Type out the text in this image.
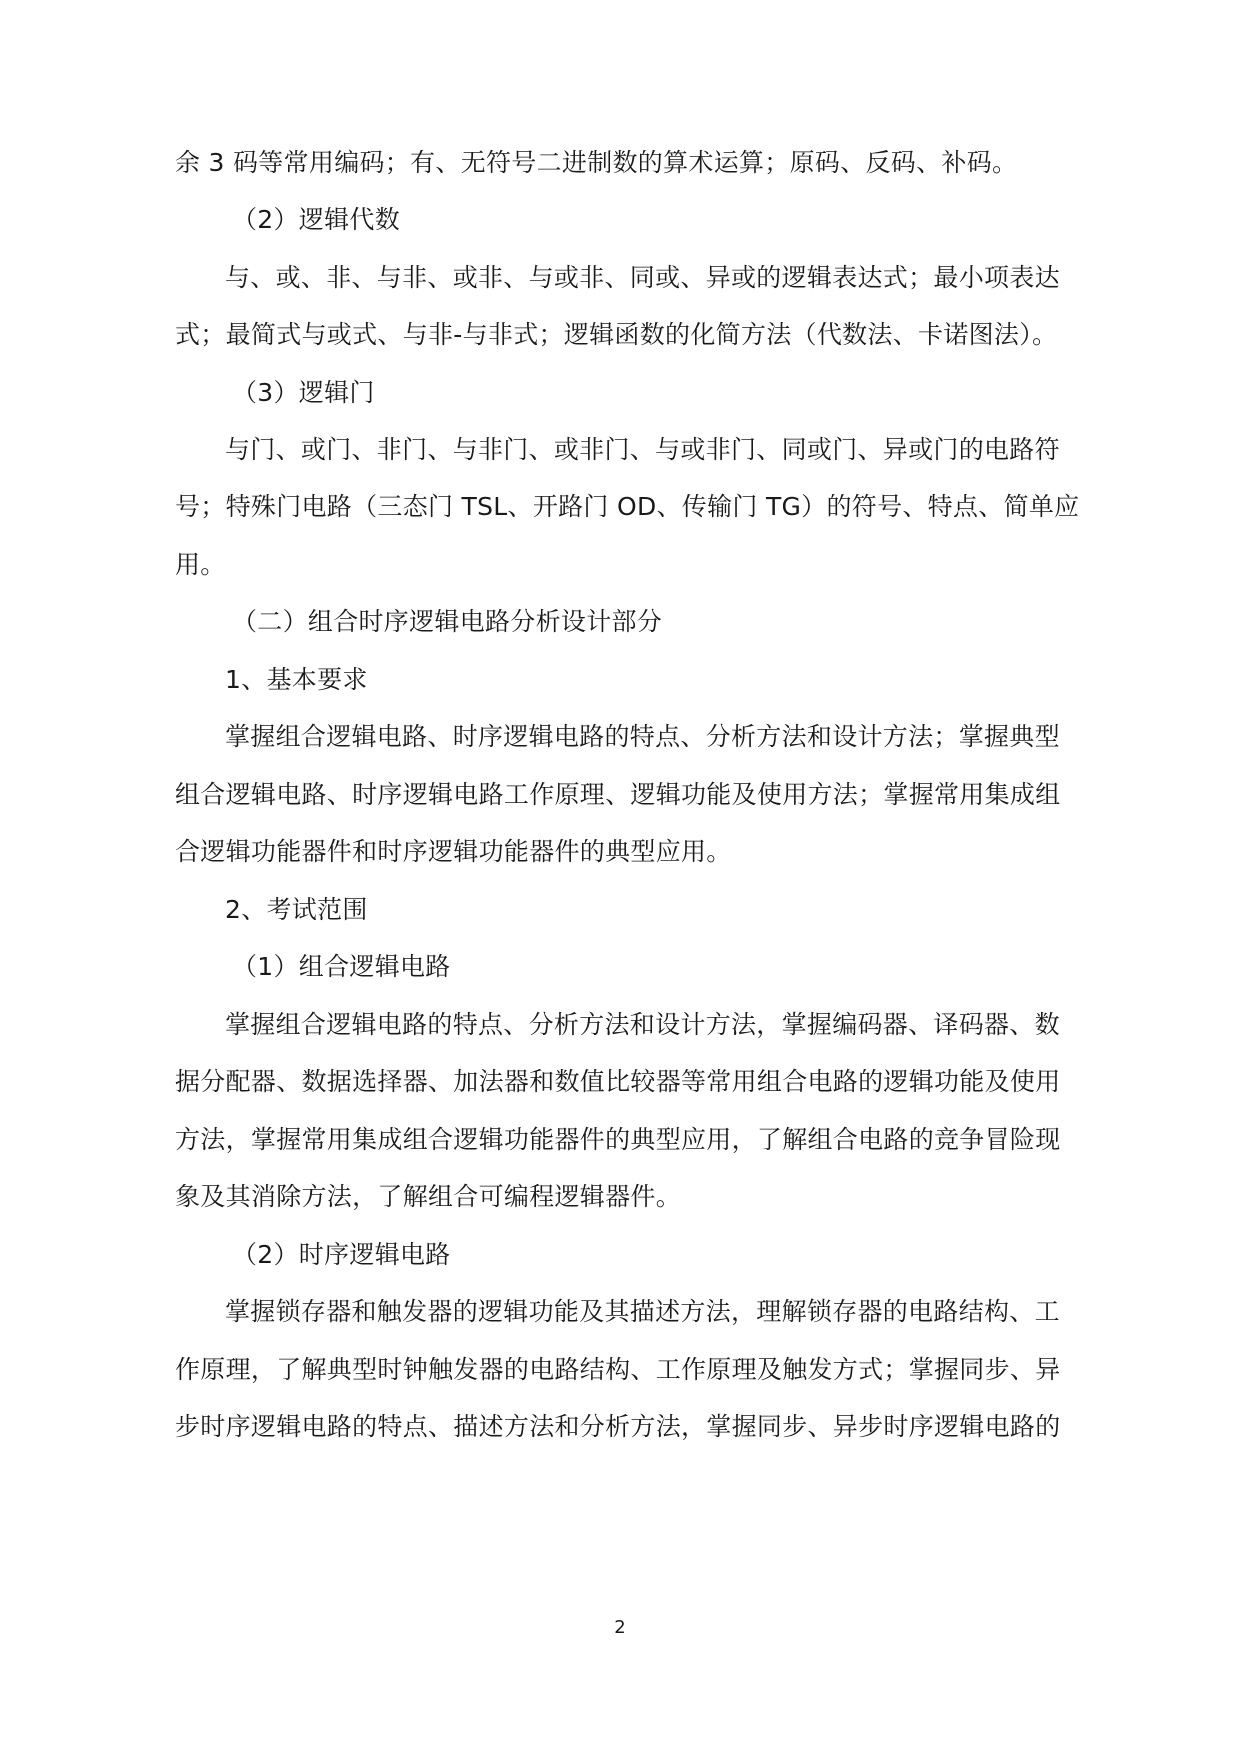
余 3 码等常用编码；有、无符号二进制数的算术运算；原码、反码、补码。
（2）逻辑代数
与、或、非、与非、或非、与或非、同或、异或的逻辑表达式；最小项表达
式；最简式与或式、与非-与非式；逻辑函数的化简方法（代数法、卡诺图法）。
（3）逻辑门
与门、或门、非门、与非门、或非门、与或非门、同或门、异或门的电路符
号；特殊门电路（三态门 TSL、开路门 OD、传输门 TG）的符号、特点、简单应
用。
（二）组合时序逻辑电路分析设计部分
1、基本要求
掌握组合逻辑电路、时序逻辑电路的特点、分析方法和设计方法；掌握典型
组合逻辑电路、时序逻辑电路工作原理、逻辑功能及使用方法；掌握常用集成组
合逻辑功能器件和时序逻辑功能器件的典型应用。
2、考试范围
（1）组合逻辑电路
掌握组合逻辑电路的特点、分析方法和设计方法，掌握编码器、译码器、数
据分配器、数据选择器、加法器和数值比较器等常用组合电路的逻辑功能及使用
方法，掌握常用集成组合逻辑功能器件的典型应用，了解组合电路的竞争冒险现
象及其消除方法，了解组合可编程逻辑器件。
（2）时序逻辑电路
掌握锁存器和触发器的逻辑功能及其描述方法，理解锁存器的电路结构、工
作原理，了解典型时钟触发器的电路结构、工作原理及触发方式；掌握同步、异
步时序逻辑电路的特点、描述方法和分析方法，掌握同步、异步时序逻辑电路的
2
